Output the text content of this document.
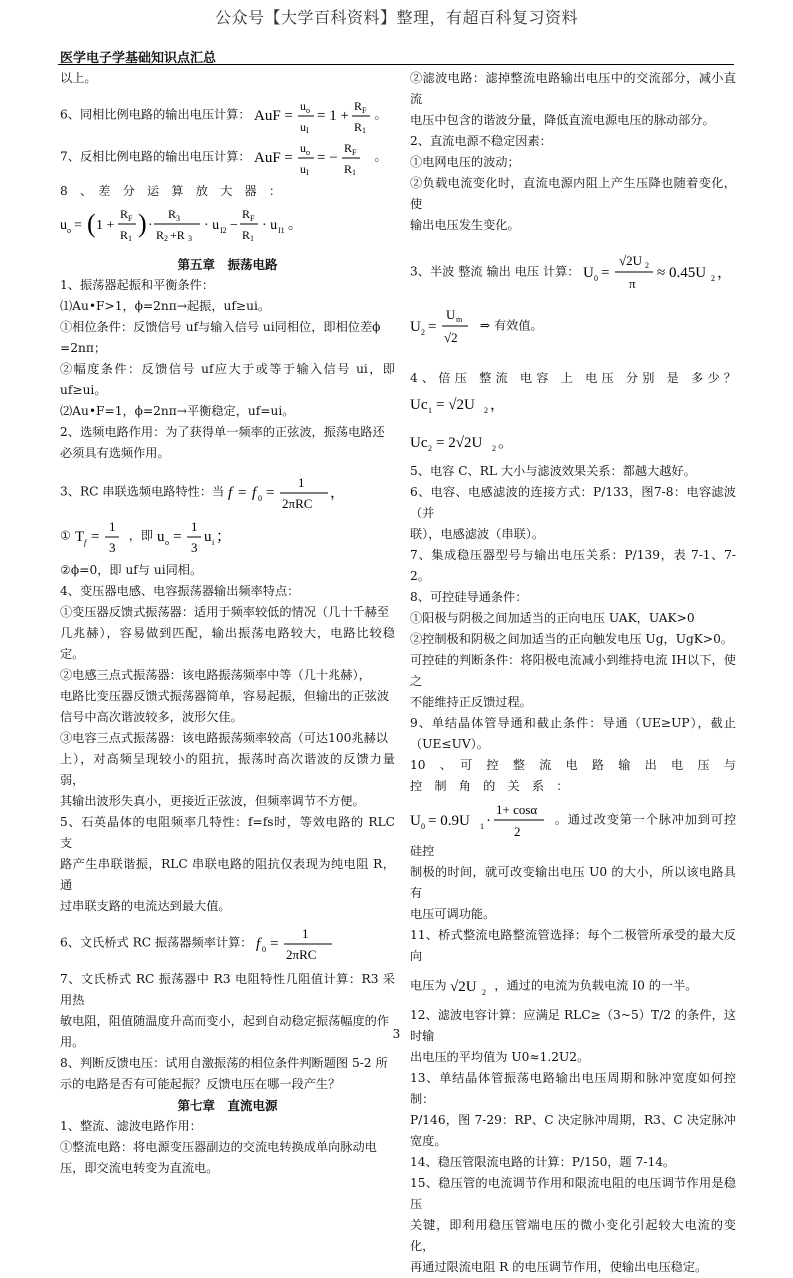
公众号【大学百科资料】整理，有超百科复习资料
医学电子学基础知识点汇总

以上。

6、同相比例电路的输出电压计算： AuF =
u o
u I
= 1 +
R F
R 1
。

7、反相比例电路的输出电压计算： AuF =
u o
u I
= −
R F
R 1
。

8　、　差　分　运　算　放　大　器　：

u o = ( 1 +
R F
R 1
) ·
R 3
R 2 +R 3
· u I2 −
R F
R 1
· u I1 。

第五章　振荡电路

1、振荡器起振和平衡条件：

⑴Au•F>1，ϕ=2nπ→起振，uf≥ui。

①相位条件：反馈信号 uf与输入信号 ui同相位，即相位差ϕ

=2nπ；

②幅度条件：反馈信号 uf应大于或等于输入信号 ui，即 uf≥ui。

⑵Au•F=1，ϕ=2nπ→平衡稳定，uf=ui。

2、选频电路作用：为了获得单一频率的正弦波，振荡电路还

必须具有选频作用。

3、RC 串联选频电路特性：当 f = f 0 =
1
2πRC
，

① T f =
1
3
，即 u o =
1
3
u i ；

②ϕ=0，即 uf与 ui同相。

4、变压器电感、电容振荡器输出频率特点：

①变压器反馈式振荡器：适用于频率较低的情况（几十千赫至

几兆赫），容易做到匹配，输出振荡电路较大，电路比较稳定。

②电感三点式振荡器：该电路振荡频率中等（几十兆赫），

电路比变压器反馈式振荡器简单，容易起振，但输出的正弦波

信号中高次谐波较多，波形欠佳。

③电容三点式振荡器：该电路振荡频率较高（可达100兆赫以

上），对高频呈现较小的阻抗，振荡时高次谐波的反馈力量弱，

其输出波形失真小，更接近正弦波，但频率调节不方便。

5、石英晶体的电阻频率几特性：f=fs时，等效电路的 RLC 支

路产生串联谐振，RLC 串联电路的阻抗仅表现为纯电阻 R，通

过串联支路的电流达到最大值。

6、文氏桥式 RC 振荡器频率计算： f 0 =
1
2πRC

7、文氏桥式 RC 振荡器中 R3 电阻特性几阻值计算：R3 采用热

敏电阻，阻值随温度升高而变小，起到自动稳定振荡幅度的作

用。

8、判断反馈电压：试用自激振荡的相位条件判断题图 5-2 所

示的电路是否有可能起振？反馈电压在哪一段产生？

第七章　直流电源

1、整流、滤波电路作用：

①整流电路：将电源变压器副边的交流电转换成单向脉动电

压，即交流电转变为直流电。

②滤波电路：滤掉整流电路输出电压中的交流部分，减小直流

电压中包含的谐波分量，降低直流电源电压的脉动部分。

2、直流电源不稳定因素：

①电网电压的波动；

②负载电流变化时，直流电源内阻上产生压降也随着变化，使

输出电压发生变化。

3、半波 整流 输出 电压 计算： U 0 =
√2U 2
π
≈ 0.45U 2 ，

U 2 =
U m
√2
⇒ 有效值。

4、倍压 整流 电容 上 电压 分别 是 多少？
Uc 1 = √2U 2 ，

Uc 2 = 2√2U 2 。

5、电容 C、RL 大小与滤波效果关系：都越大越好。

6、电容、电感滤波的连接方式：P/133，图7-8：电容滤波（并

联），电感滤波（串联）。

7、集成稳压器型号与输出电压关系：P/139，表 7-1、7-2。

8、可控硅导通条件：

①阳极与阴极之间加适当的正向电压 UAK，UAK>0

②控制极和阴极之间加适当的正向触发电压 Ug，UgK>0。

可控硅的判断条件：将阳极电流减小到维持电流 IH以下，使之

不能维持正反馈过程。

9、单结晶体管导通和截止条件：导通（UE≥UP），截止（UE≤UV）。

10　、　可　控　整　流　电　路　输　出　电　压　与　控　制　角　的　关　系　：

U 0 = 0.9U 1 ·
1+ cosα
2
。通过改变第一个脉冲加到可控硅控

制极的时间，就可改变输出电压 U0 的大小，所以该电路具有

电压可调功能。

11、桥式整流电路整流管选择：每个二极管所承受的最大反向

电压为 √2U 2 ，通过的电流为负载电流 I0 的一半。

12、滤波电容计算：应满足 RLC≥（3~5）T/2 的条件，这时输

出电压的平均值为 U0≈1.2U2。

13、单结晶体管振荡电路输出电压周期和脉冲宽度如何控制：

P/146，图 7-29：RP、C 决定脉冲周期，R3、C 决定脉冲宽度。

14、稳压管限流电路的计算：P/150，题 7-14。

15、稳压管的电流调节作用和限流电阻的电压调节作用是稳压

关键，即利用稳压管端电压的微小变化引起较大电流的变化，

再通过限流电阻 R 的电压调节作用，使输出电压稳定。

3
